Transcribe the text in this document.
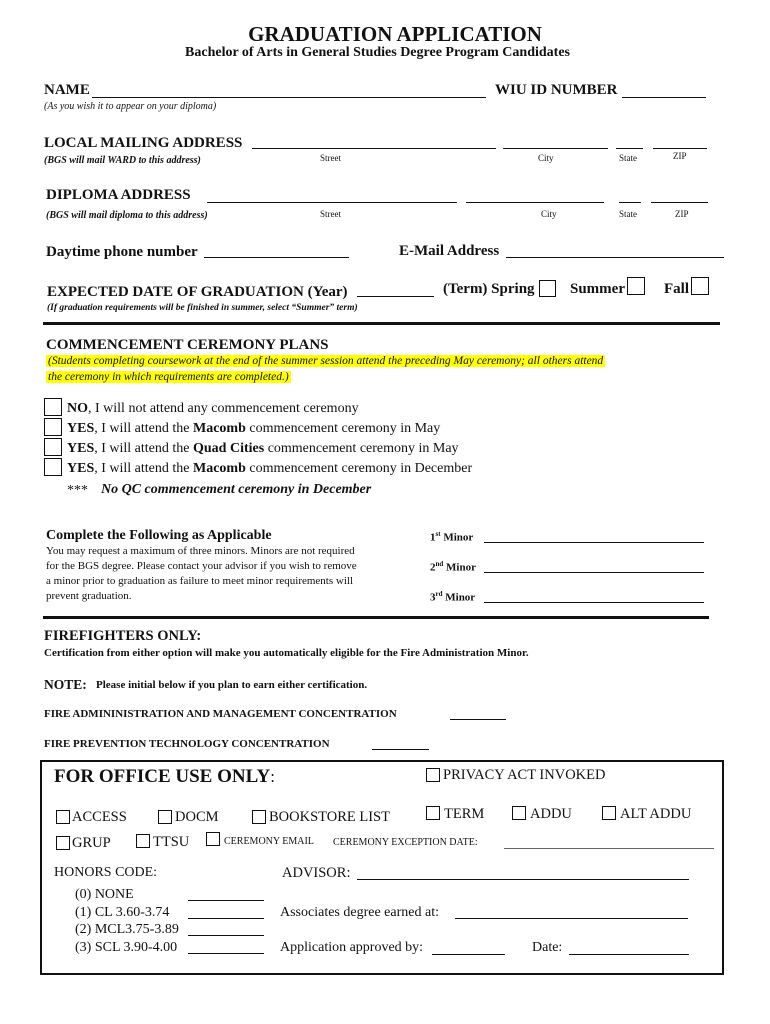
GRADUATION APPLICATION
Bachelor of Arts in General Studies Degree Program Candidates
NAME
(As you wish it to appear on your diploma)
WIU ID NUMBER
LOCAL MAILING ADDRESS
(BGS will mail WARD to this address)	Street	City	State	ZIP
DIPLOMA ADDRESS
(BGS will mail diploma to this address)	Street	City	State	ZIP
Daytime phone number	E-Mail Address
EXPECTED DATE OF GRADUATION (Year)	(Term) Spring Summer	Fall
(If graduation requirements will be finished in summer, select “Summer” term)
COMMENCEMENT CEREMONY PLANS
(Students completing coursework at the end of the summer session attend the preceding May ceremony; all others attend
the ceremony in which requirements are completed.)
NO, I will not attend any commencement ceremony
YES, I will attend the Macomb commencement ceremony in May
YES, I will attend the Quad Cities commencement ceremony in May
YES, I will attend the Macomb commencement ceremony in December
*** No QC commencement ceremony in December
Complete the Following as Applicable
You may request a maximum of three minors. Minors are not required
for the BGS degree. Please contact your advisor if you wish to remove
a minor prior to graduation as failure to meet minor requirements will
prevent graduation.
1st Minor
2nd Minor
3rd Minor
FIREFIGHTERS ONLY:
Certification from either option will make you automatically eligible for the Fire Administration Minor.
NOTE: Please initial below if you plan to earn either certification.
FIRE ADMININISTRATION AND MANAGEMENT CONCENTRATION
FIRE PREVENTION TECHNOLOGY CONCENTRATION
FOR OFFICE USE ONLY:	PRIVACY ACT INVOKED
ACCESS	DOCM	BOOKSTORE LIST	TERM	ADDU	ALT ADDU
GRUP	TTSU	CEREMONY EMAIL CEREMONY EXCEPTION DATE:
HONORS CODE:
(0) NONE
(1) CL 3.60-3.74
(2) MCL3.75-3.89
(3) SCL 3.90-4.00
ADVISOR:
Associates degree earned at:
Application approved by:	Date:
